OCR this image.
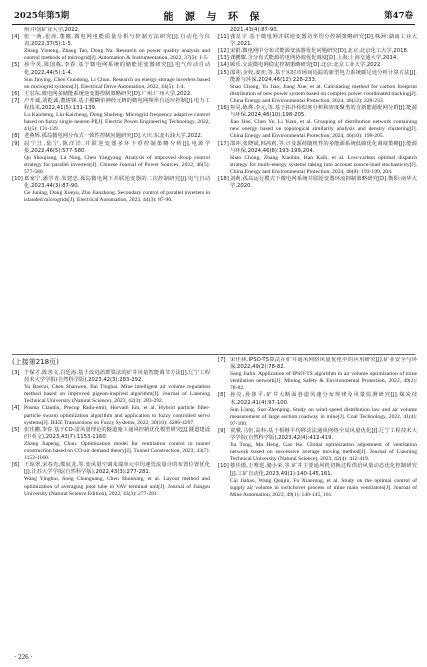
2025年第5期	能 源 与 环 保	第47卷
州:中国矿业大学,2022.

[4] 张一萌,张涛,董娜.微电网电能质量分析与控制方法研究[J].自动化与仪表,2022,37(5):1-5.
Zhang Yimeng, Zhang Tao, Dong Na. Research on power quality analysis and control methods of microgrid[J]. Automation & Instrumentation, 2022, 37(5): 1-5.

[5] 孙今英,陈国栋,李春.基于微电网系统的储能逆变器研究[J].电气传动自动化,2022,44(5):1-4.
Sun Jinying, Chen Guodong, Li Chun. Research on energy storage inverters based on microgrid systems[J]. Electrical Drive Automation, 2022, 44(5): 1-4.

[6] 王宏东.微电网多储能系统逆变器控制策略研究[D].广州:广州大学,2022.

[7] 卢开诚,刘乾诚,董树锋.基于模糊单神经元PI的微电网频率自适应控制[J].电力工程技术,2022,41(5):131-139.
Lu Kaicheng, Liu Kaicheng, Dong Shufeng. Microgrid frequency adaptive control based on fuzzy single neuron PI[J]. Electric Power Engineering Technology, 2022, 41(5): 131-139.

[8] 老燕辉.孤岛微电网分布式一致性控制问题研究[D].大庆:东北石油大学,2022.

[9] 屈宁江,陆宁,陈洋洋.并联逆变器多环下垂控制策略分析[J].电源学报,2022,46(5):577-580.
Qu Shoujiang, Lu Ning, Chen Yangyang. Analysis of improved droop control strategy for parallel inverters[J]. Chinese Journal of Power Sources, 2022, 46(5): 577-580.

[10] 葛家宁,潘学青,朱建忠.孤岛微电网下并联逆变器的二次控制研究[J].电气自动化,2023,44(3):87-90.
Ge Juning, Dong Xueyu, Zhu Jianzhong. Secondary control of parallel inverters in islanded microgrids[J]. Electrical Automation, 2023, 44(3): 87-90.

2021,43(4):87-90.

[11] 龚星宇.基于微电网并联逆变器功率均分控制策略研究[D].株洲:湖南工业大学,2021.

[12] 宋银.微电网中分布式能源变流器优化问题研究[D].北京:北京化工大学,2018.

[13] 龚鹏耀.含分布式能源的电网协调优化调度[D].上海:上海交通大学,2014.

[14] 顾乐.交流微电网稳定控制策略研究[D].北京:北京工业大学,2022.

[15] 邵冲,金姣,姜奕,等.基于实时市场间追踪的新型电力系统碳足迹分析计算方法[J].能源与环保,2024,46(12):228-233.
Shao Chong, Yu Jiao, Jiang Xue, et al. Calculating method for carbon footprint distribution of new power system based on complex power coordinated tracking[J]. China Energy and Environmental Protection, 2024, 46(12): 228-233.

[16] 焦昊,陈烨,李元,等.基于拓扑相似度分析和密度聚类的含新能源配网分群[J].能源与环保,2024,46(10):198-205.
Jiao Hao, Chen Ye, Li Yuan, et al. Grouping of distribution network containing new energy based on topological similarity analysis and density clustering[J]. China Energy and Environmental Protection, 2024, 46(10): 198-205.

[17] 邵冲,张晓斌,韩茜莉,等.计及源荷随机性的多能源系统低碳优化调度策略[J].能源与环保,2024,46(8):193-199,204.
Shao Chong, Zhang Xiaobin, Han Kaili, et al. Low-carbon optimal dispatch strategy for multi-energy systems taking into account source-load stochasticity[J]. China Energy and Environmental Protection, 2024, 46(8): 193-199, 204.

[18] 刘莉.孤岛运行模式下微电网系统并联逆变器环流抑制策略研究[D].衡阳:南华大学,2020.

(上接第218页)

[3] 于保才,陈善文,白廷海.基于改进鸽群算法的矿井风量智能调节方法[J].辽宁工程技术大学学报(自然科学版),2023,42(3):283-292.
Yu Baocai, Chen Shanwen, Bai Tinghai. Mine intelligent air volume regulation method based on improved pigeon-inspired algorithm[J]. Journal of Liaoning Technical University (Natural Science), 2023, 42(3): 283-292.

[4] Posma Claudiu, Precup Radu-emil, Horvath Em, et al. Hybrid particle filter-particle swarm optimization algorithm and application to fuzzy controlled servo systems[J]. IEEE Transactions on Fuzzy Systems, 2022, 30(10): 4286-4297.

[5] 张佳鹏,李春.基于CO-雷风量理论的隧道施工通风控制优化模型研究[J].隧道建设(中英文),2023,43(7):1153-1160.
Zhang Jiapeng, Chun. Optimization model for ventilation control in tunnel construction based on CO-air demand theory[J]. Tunnel Construction, 2023, 43(7): 1153-1160.

[6] 王琼翠,宋春光,熊展龙,等.变风量空调末端单元中均速管流量计的布置位置优化[J].江苏大学学报(自然科学版),2022,43(3):277-281.
Wang Yinghui, Song Chunguang, Chen Shunlong, et al. Layout method and optimization of averaging pitot tube in VAV terminal unit[J]. Journal of Jiangsu University (Natural Science Edition), 2022, 43(3): 277-281.

[7] 宋佳林.IPSO-TS算法在矿井通风网络风量优化中的应用研究[J].矿业安全与环保,2022,49(2):78-82.
Song Jialin. Application of IPSO-TS algorithm in air volume optimization of mine ventilation network[J]. Mining Safety & Environmental Protection, 2022, 49(2): 78-82.

[8] 孙亮,孙侈平.矿井大断面巷道风速分布规律及风量监测研究[J].煤炭技术,2022,41(4):97-100.
Sun Liang, Sun Zhenping. Study on wind speed distribution law and air volume measurement of large section roadway in mine[J]. Coal Technology, 2022, 41(4): 97-100.

[9] 贾骥,马恒,高科.基于相继平均移动法通风网络全局风量优化[J].辽宁工程技术大学学报(自然科学版),2023,42(4):412-419.
Jia Tong, Ma Heng, Gao Ke. Global optimization adjustment of ventilation network based on successive average moving method[J]. Journal of Liaoning Technical University (Natural Science), 2023, 42(4): 412-419.

[10] 蔡佳傲,王唯进,储小荣,等.矿井主要通风机切换过程供给风量动态优化控制研究[J].工矿自动化,2023,49(1):140-145,161.
Cai Jiahao, Wang Qunjin, Fu Xiaorong, et al. Study on the optimal control of supply air volume in switchover process of mine main ventilators[J]. Journal of Mine Automation, 2023, 49(1): 140-145, 161.

· 226 ·
